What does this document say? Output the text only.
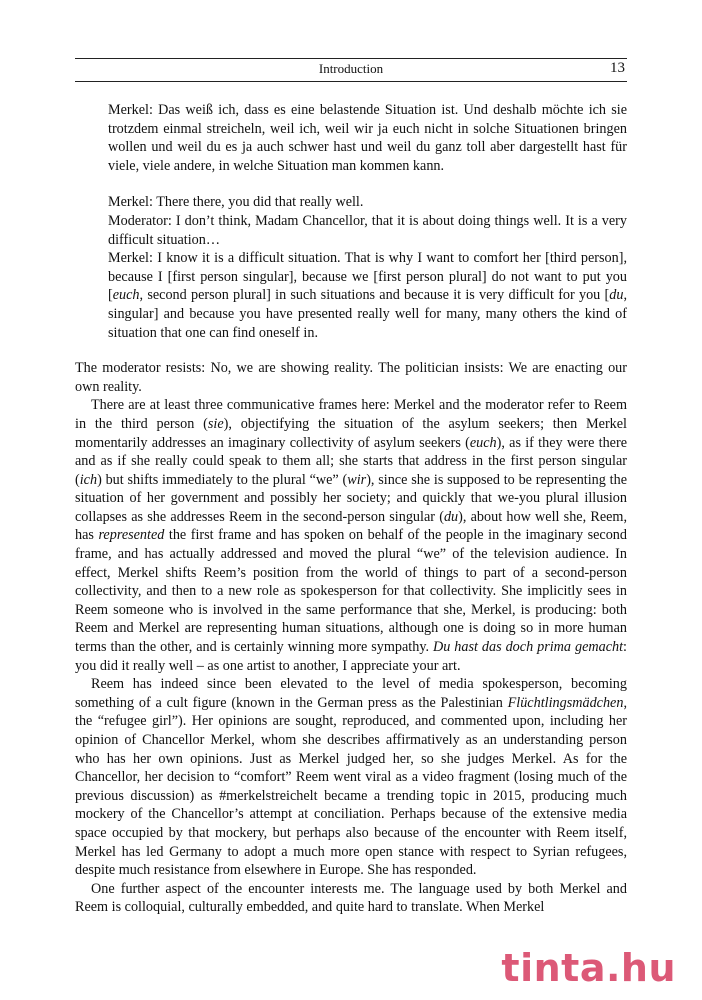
Introduction	13

Merkel: Das weiß ich, dass es eine belastende Situation ist. Und deshalb möchte ich sie trotzdem einmal streicheln, weil ich, weil wir ja euch nicht in solche Situationen bringen wollen und weil du es ja auch schwer hast und weil du ganz toll aber dargestellt hast für viele, viele andere, in welche Situation man kommen kann.

Merkel: There there, you did that really well.

Moderator: I don’t think, Madam Chancellor, that it is about doing things well. It is a very difficult situation…

Merkel: I know it is a difficult situation. That is why I want to comfort her [third person], because I [first person singular], because we [first person plural] do not want to put you [euch, second person plural] in such situations and because it is very difficult for you [du, singular] and because you have presented really well for many, many others the kind of situation that one can find oneself in.

The moderator resists: No, we are showing reality. The politician insists: We are enacting our own reality.

There are at least three communicative frames here: Merkel and the moderator refer to Reem in the third person (sie), objectifying the situation of the asylum seekers; then Merkel momentarily addresses an imaginary collectivity of asylum seekers (euch), as if they were there and as if she really could speak to them all; she starts that address in the first person singular (ich) but shifts immediately to the plural “we” (wir), since she is supposed to be representing the situation of her government and possibly her society; and quickly that we-you plural illusion collapses as she addresses Reem in the second-person singular (du), about how well she, Reem, has represented the first frame and has spoken on behalf of the people in the imaginary second frame, and has actually addressed and moved the plural “we” of the television audience. In effect, Merkel shifts Reem’s position from the world of things to part of a second-person collectivity, and then to a new role as spokesperson for that collectivity. She implicitly sees in Reem someone who is involved in the same performance that she, Merkel, is producing: both Reem and Merkel are representing human situations, although one is doing so in more human terms than the other, and is certainly winning more sympathy. Du hast das doch prima gemacht: you did it really well – as one artist to another, I appreciate your art.

Reem has indeed since been elevated to the level of media spokesperson, becoming something of a cult figure (known in the German press as the Palestinian Flüchtlingsmädchen, the “refugee girl”). Her opinions are sought, reproduced, and commented upon, including her opinion of Chancellor Merkel, whom she describes affirmatively as an understanding person who has her own opinions. Just as Merkel judged her, so she judges Merkel. As for the Chancellor, her decision to “comfort” Reem went viral as a video fragment (losing much of the previous discussion) as #merkelstreichelt became a trending topic in 2015, producing much mockery of the Chancellor’s attempt at conciliation. Perhaps because of the extensive media space occupied by that mockery, but perhaps also because of the encounter with Reem itself, Merkel has led Germany to adopt a much more open stance with respect to Syrian refugees, despite much resistance from elsewhere in Europe. She has responded.

One further aspect of the encounter interests me. The language used by both Merkel and Reem is colloquial, culturally embedded, and quite hard to translate. When Merkel

tinta.hu
